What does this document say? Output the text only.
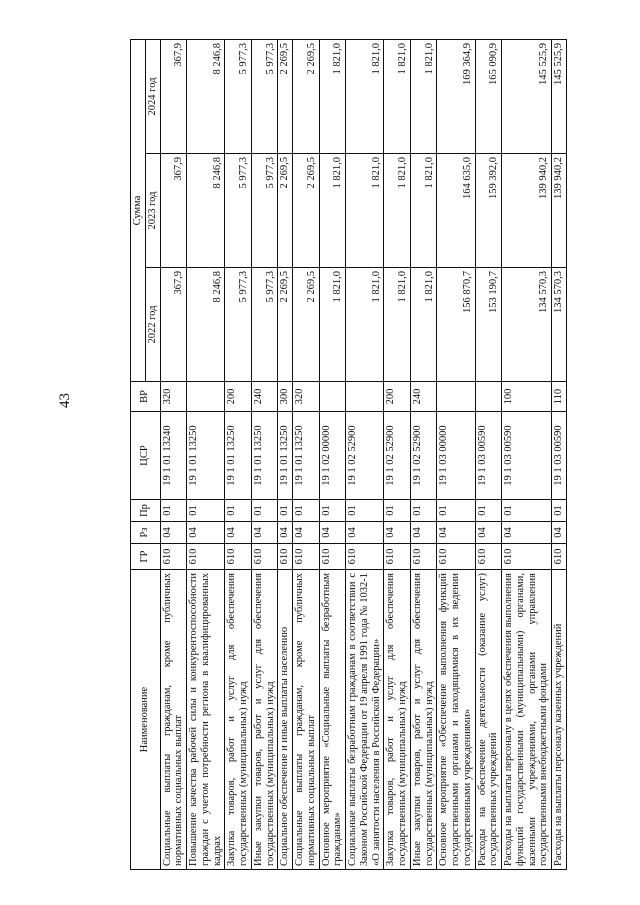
43
Наименование	ГР	Рз	Пр	ЦСР	ВР	Сумма		
						2022 год	2023 год	2024 год
Социальные выплаты гражданам, кроме публичных нормативных социальных выплат	610	04	01	19 1 01 13240	320	367,9	367,9	367,9
Повышение качества рабочей силы и конкурентоспособности граждан с учетом потребности региона в квалифицированных кадрах	610	04	01	19 1 01 13250		8 246,8	8 246,8	8 246,8
Закупка товаров, работ и услуг для обеспечения государственных (муниципальных) нужд	610	04	01	19 1 01 13250	200	5 977,3	5 977,3	5 977,3
Иные закупки товаров, работ и услуг для обеспечения государственных (муниципальных) нужд	610	04	01	19 1 01 13250	240	5 977,3	5 977,3	5 977,3
Социальное обеспечение и иные выплаты населению	610	04	01	19 1 01 13250	300	2 269,5	2 269,5	2 269,5
Социальные выплаты гражданам, кроме публичных нормативных социальных выплат	610	04	01	19 1 01 13250	320	2 269,5	2 269,5	2 269,5
Основное мероприятие «Социальные выплаты безработным гражданам»	610	04	01	19 1 02 00000		1 821,0	1 821,0	1 821,0
Социальные выплаты безработным гражданам в соответствии с Законом Российской Федерации от 19 апреля 1991 года № 1032-1 «О занятости населения в Российской Федерации»	610	04	01	19 1 02 52900		1 821,0	1 821,0	1 821,0
Закупка товаров, работ и услуг для обеспечения государственных (муниципальных) нужд	610	04	01	19 1 02 52900	200	1 821,0	1 821,0	1 821,0
Иные закупки товаров, работ и услуг для обеспечения государственных (муниципальных) нужд	610	04	01	19 1 02 52900	240	1 821,0	1 821,0	1 821,0
Основное мероприятие «Обеспечение выполнения функций государственными органами и находящимися в их ведении государственными учреждениями»	610	04	01	19 1 03 00000		156 870,7	164 635,0	169 364,9
Расходы на обеспечение деятельности (оказание услуг) государственных учреждений	610	04	01	19 1 03 00590		153 190,7	159 392,0	165 090,9
Расходы на выплаты персоналу в целях обеспечения выполнения функций государственными (муниципальными) органами, казенными учреждениями, органами управления государственными внебюджетными фондами	610	04	01	19 1 03 00590	100	134 570,3	139 940,2	145 525,9
Расходы на выплаты персоналу казенных учреждений	610	04	01	19 1 03 00590	110	134 570,3	139 940,2	145 525,9
